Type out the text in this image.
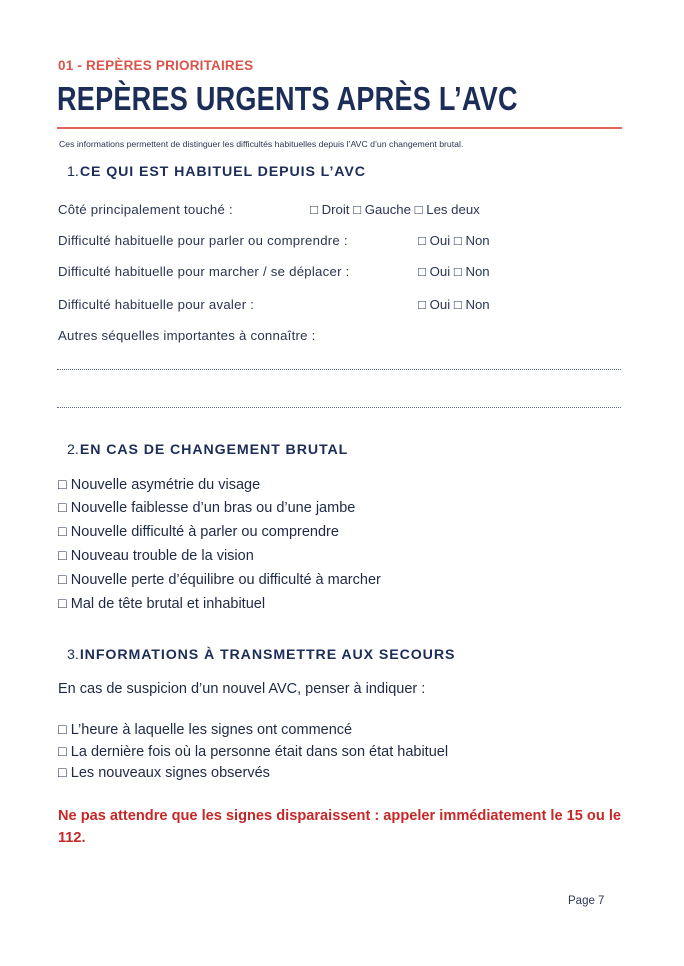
01 - REPÈRES PRIORITAIRES
REPÈRES URGENTS APRÈS L’AVC
Ces informations permettent de distinguer les difficultés habituelles depuis l’AVC d’un changement brutal.
1.CE QUI EST HABITUEL DEPUIS L’AVC
Côté principalement touché :	□ Droit □ Gauche □ Les deux
Difficulté habituelle pour parler ou comprendre :	□ Oui □ Non
Difficulté habituelle pour marcher / se déplacer :	□ Oui □ Non
Difficulté habituelle pour avaler :	□ Oui □ Non
Autres séquelles importantes à connaître :
2.EN CAS DE CHANGEMENT BRUTAL
□ Nouvelle asymétrie du visage
□ Nouvelle faiblesse d’un bras ou d’une jambe
□ Nouvelle difficulté à parler ou comprendre
□ Nouveau trouble de la vision
□ Nouvelle perte d’équilibre ou difficulté à marcher
□ Mal de tête brutal et inhabituel
3.INFORMATIONS À TRANSMETTRE AUX SECOURS
En cas de suspicion d’un nouvel AVC, penser à indiquer :
□ L’heure à laquelle les signes ont commencé
□ La dernière fois où la personne était dans son état habituel
□ Les nouveaux signes observés
Ne pas attendre que les signes disparaissent : appeler immédiatement le 15 ou le 112.
Page 7
